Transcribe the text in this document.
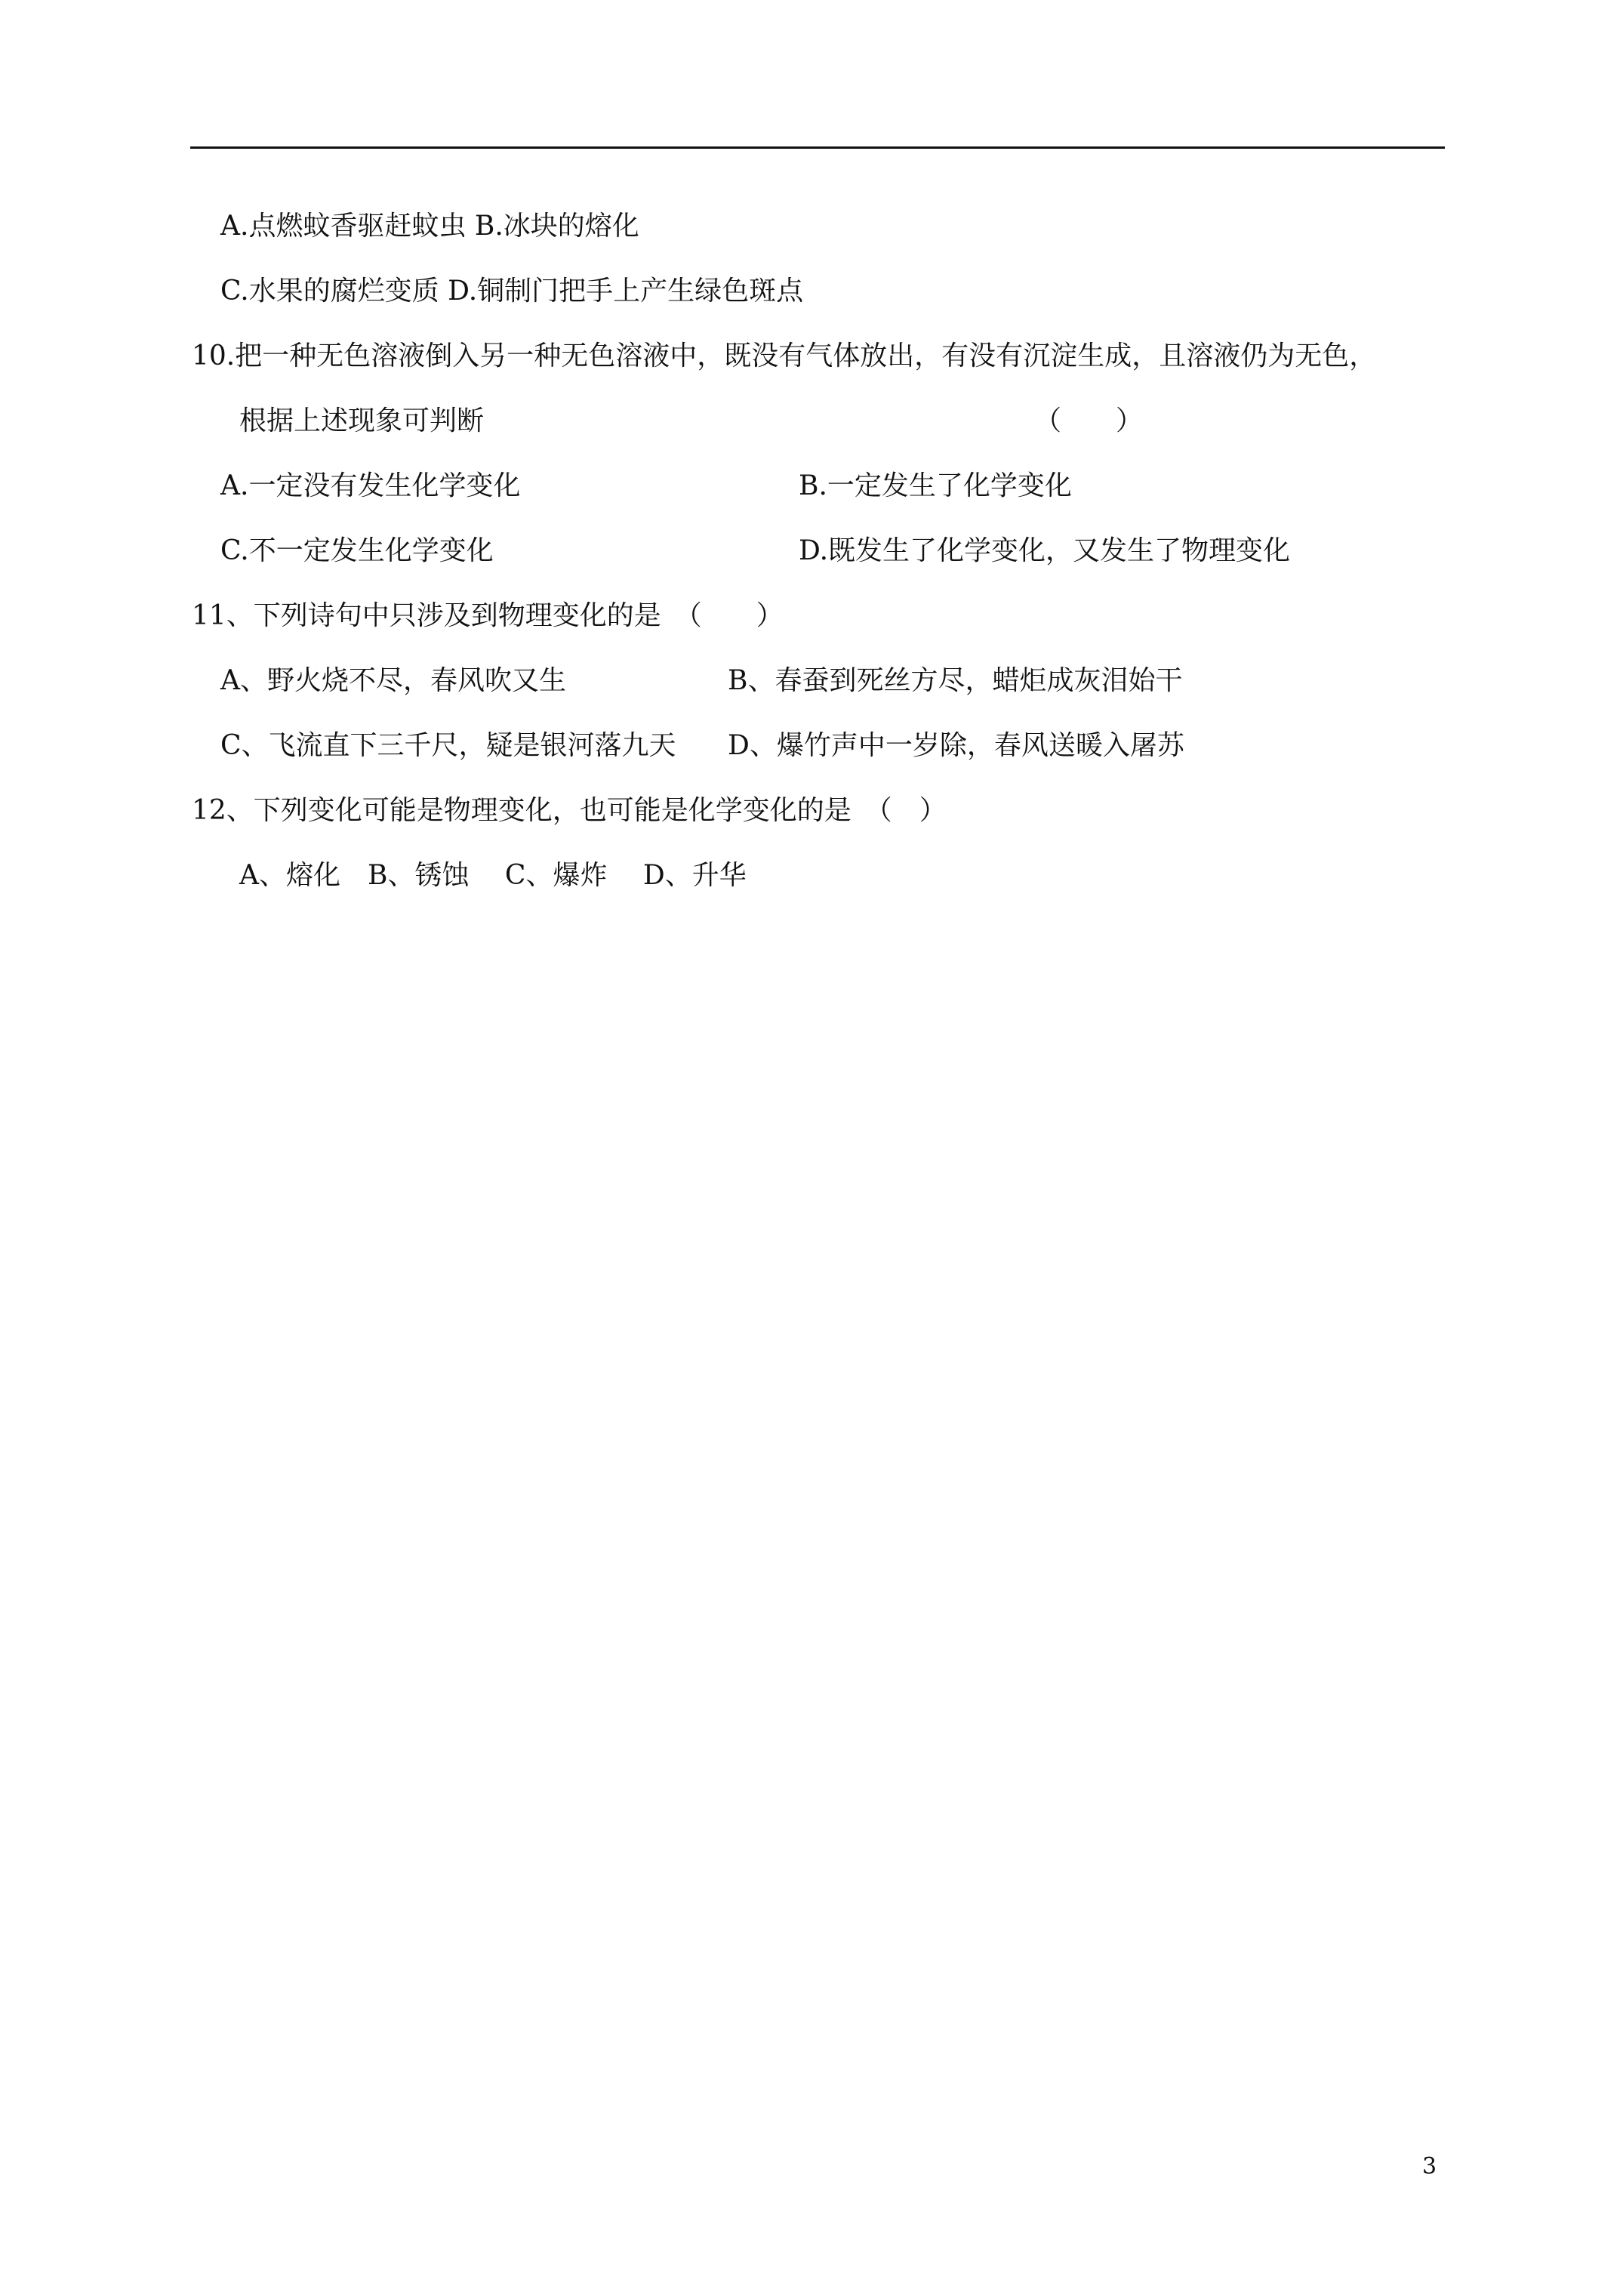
A.点燃蚊香驱赶蚊虫 B.冰块的熔化
C.水果的腐烂变质 D.铜制门把手上产生绿色斑点
10.把一种无色溶液倒入另一种无色溶液中，既没有气体放出，有没有沉淀生成，且溶液仍为无色，
根据上述现象可判断	（　　）
A.一定没有发生化学变化	B.一定发生了化学变化
C.不一定发生化学变化	D.既发生了化学变化，又发生了物理变化
11、下列诗句中只涉及到物理变化的是　（　　）
A、野火烧不尽，春风吹又生	B、春蚕到死丝方尽，蜡炬成灰泪始干
C、飞流直下三千尺，疑是银河落九天 D、爆竹声中一岁除，春风送暖入屠苏
12、下列变化可能是物理变化，也可能是化学变化的是　（　）
A、熔化　B、锈蚀　 C、爆炸　 D、升华
3
